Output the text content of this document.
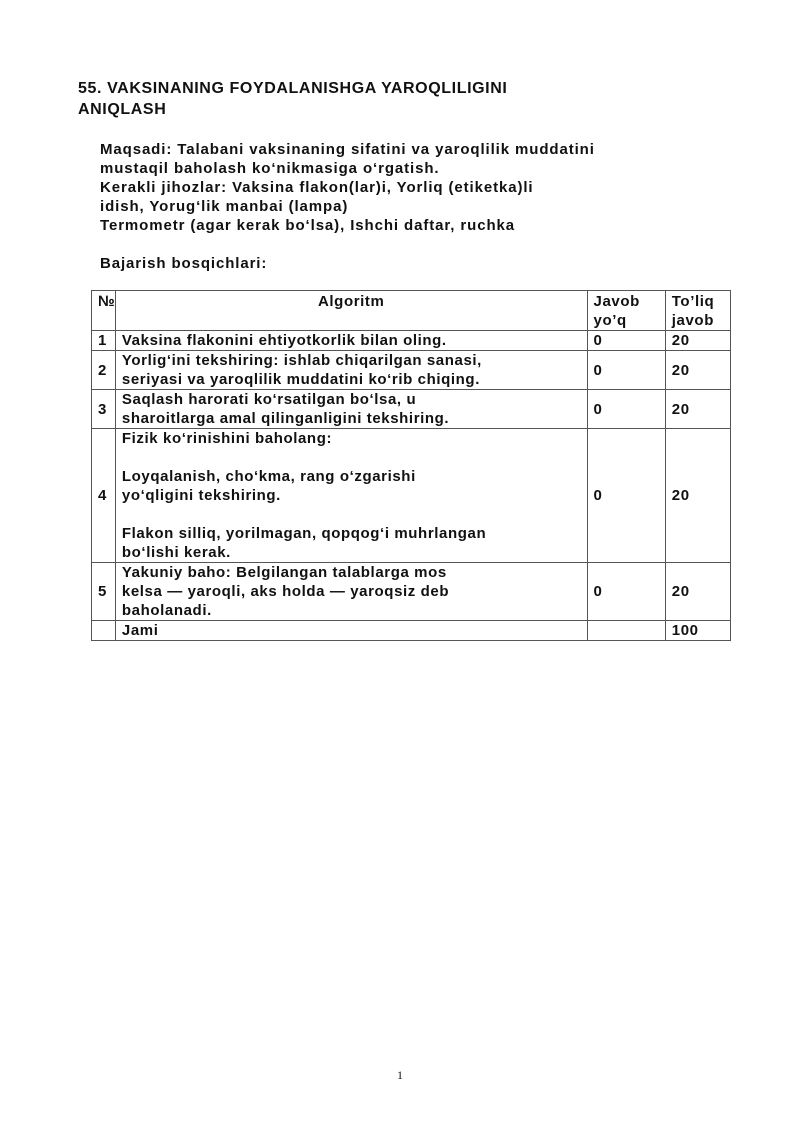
55. VAKSINANING FOYDALANISHGA YAROQLILIGINI
ANIQLASH
Maqsadi: Talabani vaksinaning sifatini va yaroqlilik muddatini
mustaqil baholash ko‘nikmasiga o‘rgatish.
Kerakli jihozlar: Vaksina flakon(lar)i, Yorliq (etiketka)li
idish, Yorug‘lik manbai (lampa)
Termometr (agar kerak bo‘lsa), Ishchi daftar, ruchka
Bajarish bosqichlari:
№	Algoritm	Javob yo’q	To’liq javob
1	Vaksina flakonini ehtiyotkorlik bilan oling.	0	20
2	Yorlig‘ini tekshiring: ishlab chiqarilgan sanasi,
seriyasi va yaroqlilik muddatini ko‘rib chiqing.	0	20
3	Saqlash harorati ko‘rsatilgan bo‘lsa, u
sharoitlarga amal qilinganligini tekshiring.	0	20
4	Fizik ko‘rinishini baholang:

Loyqalanish, cho‘kma, rang o‘zgarishi
yo‘qligini tekshiring.

Flakon silliq, yorilmagan, qopqog‘i muhrlangan
bo‘lishi kerak.	0	20
5	Yakuniy baho: Belgilangan talablarga mos
kelsa — yaroqli, aks holda — yaroqsiz deb
baholanadi.	0	20
	Jami		100
1
